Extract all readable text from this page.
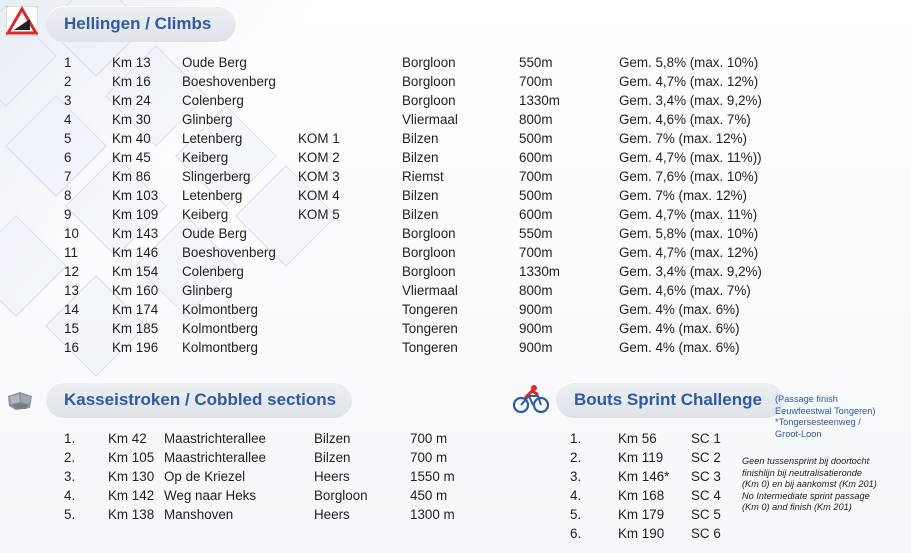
Hellingen / Climbs
1	Km 13 Oude Berg	Borgloon	550m	Gem. 5,8% (max. 10%)
2	Km 16 Boeshovenberg	Borgloon	700m	Gem. 4,7% (max. 12%)
3	Km 24 Colenberg	Borgloon	1330m	Gem. 3,4% (max. 9,2%)
4	Km 30 Glinberg	Vliermaal	800m	Gem. 4,6% (max. 7%)
5	Km 40 Letenberg	KOM 1	Bilzen	500m	Gem. 7% (max. 12%)
6	Km 45 Keiberg	KOM 2	Bilzen	600m	Gem. 4,7% (max. 11%))
7	Km 86 Slingerberg	KOM 3	Riemst	700m	Gem. 7,6% (max. 10%)
8	Km 103 Letenberg	KOM 4	Bilzen	500m	Gem. 7% (max. 12%)
9	Km 109 Keiberg	KOM 5	Bilzen	600m	Gem. 4,7% (max. 11%)
10 Km 143 Oude Berg	Borgloon	550m	Gem. 5,8% (max. 10%)
11	Km 146 Boeshovenberg	Borgloon	700m	Gem. 4,7% (max. 12%)
12 Km 154 Colenberg	Borgloon	1330m	Gem. 3,4% (max. 9,2%)
13 Km 160 Glinberg	Vliermaal	800m	Gem. 4,6% (max. 7%)
14 Km 174 Kolmontberg	Tongeren	900m	Gem. 4% (max. 6%)
15 Km 185 Kolmontberg	Tongeren	900m	Gem. 4% (max. 6%)
16 Km 196 Kolmontberg	Tongeren	900m	Gem. 4% (max. 6%)
Kasseistroken / Cobbled sections
1. Km 42 Maastrichterallee	Bilzen	700 m
2. Km 105 Maastrichterallee	Bilzen	700 m
3. Km 130 Op de Kriezel	Heers	1550 m
4. Km 142 Weg naar Heks	Borgloon	450 m
5. Km 138 Manshoven	Heers	1300 m
Bouts Sprint Challenge (Passage finish
Eeuwfeestwal Tongeren)
*Tongersesteenweg /
Groot-Loon
1.	Km 56	SC 1
2.	Km 119 SC 2
3.	Km 146* SC 3
4.	Km 168 SC 4
5.	Km 179 SC 5
6.	Km 190 SC 6
Geen tussensprint bij doortocht
finishlijn bij neutralisatieronde
(Km 0) en bij aankomst (Km 201)
No Intermediate sprint passage
(Km 0) and finish (Km 201)
